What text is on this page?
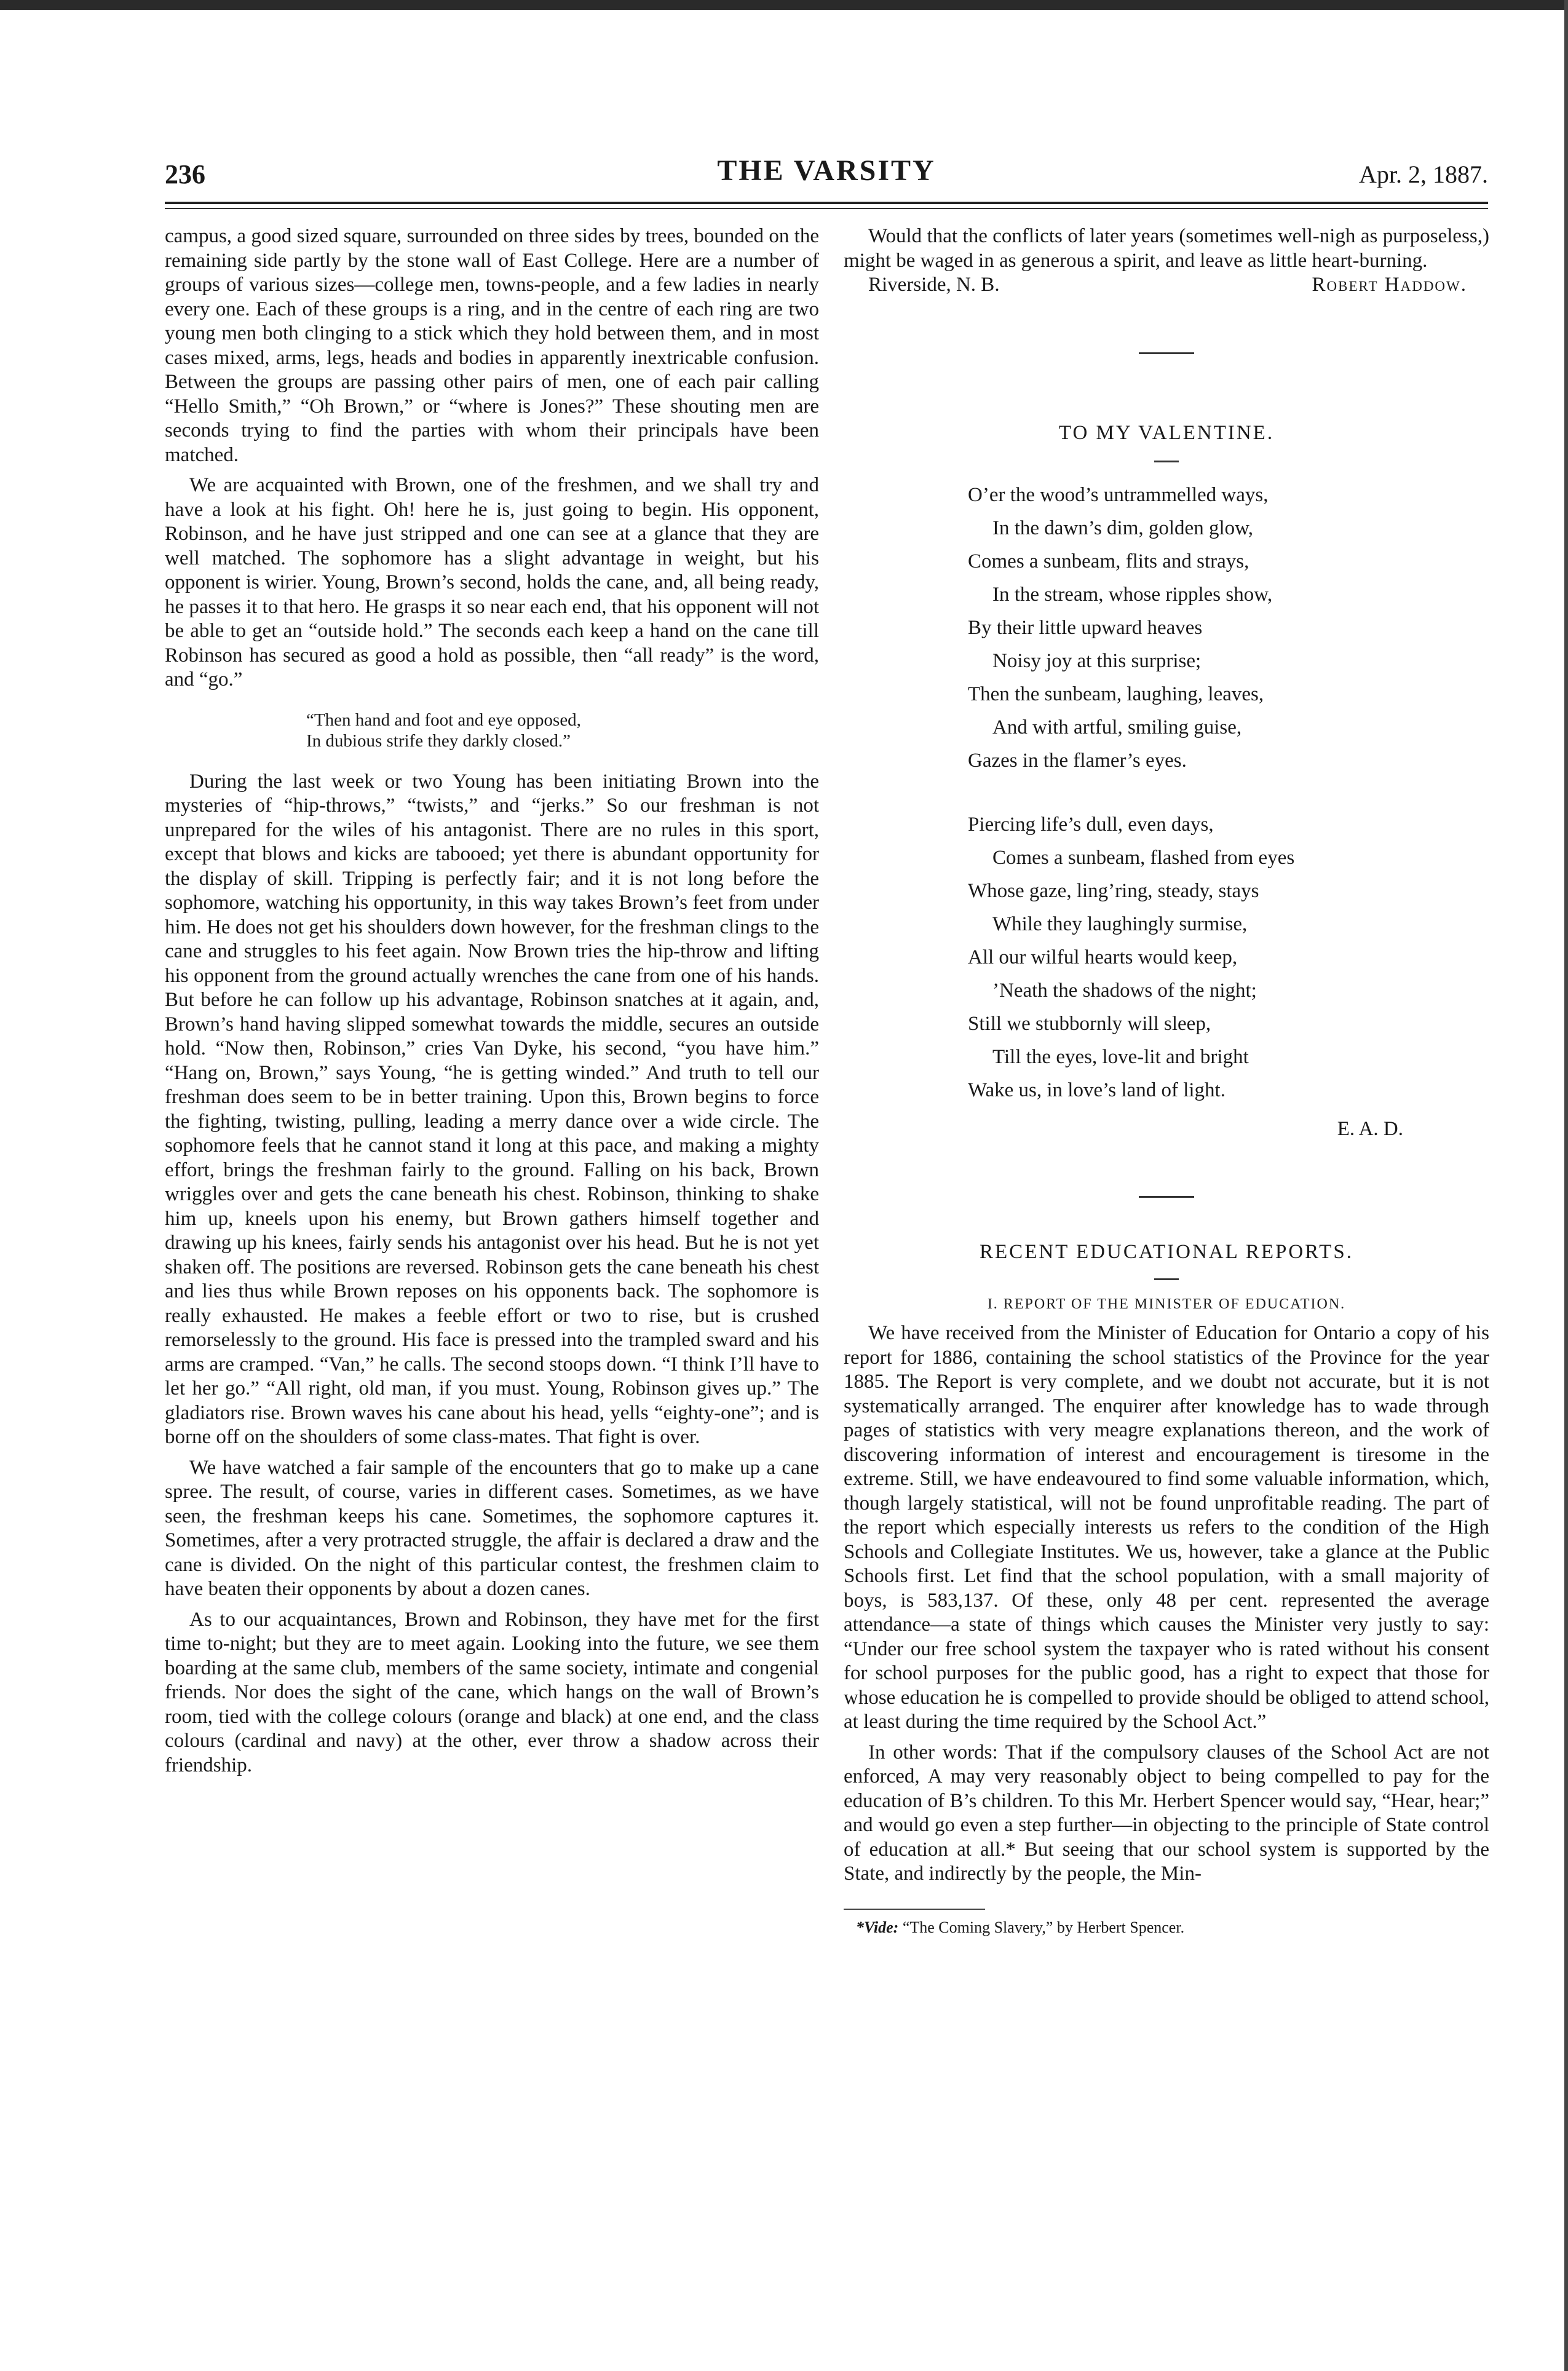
236	THE VARSITY	Apr. 2, 1887.

campus, a good sized square, surrounded on three sides by trees, bounded on the remaining side partly by the stone wall of East College. Here are a number of groups of various sizes—college men, towns-people, and a few ladies in nearly every one. Each of these groups is a ring, and in the centre of each ring are two young men both clinging to a stick which they hold between them, and in most cases mixed, arms, legs, heads and bodies in apparently inextricable confusion. Between the groups are passing other pairs of men, one of each pair calling “Hello Smith,” “Oh Brown,” or “where is Jones?” These shouting men are seconds trying to find the parties with whom their principals have been matched.

We are acquainted with Brown, one of the freshmen, and we shall try and have a look at his fight. Oh! here he is, just going to begin. His opponent, Robinson, and he have just stripped and one can see at a glance that they are well matched. The sophomore has a slight advantage in weight, but his opponent is wirier. Young, Brown’s second, holds the cane, and, all being ready, he passes it to that hero. He grasps it so near each end, that his opponent will not be able to get an “outside hold.” The seconds each keep a hand on the cane till Robinson has secured as good a hold as possible, then “all ready” is the word, and “go.”

“Then hand and foot and eye opposed,
In dubious strife they darkly closed.”

During the last week or two Young has been initiating Brown into the mysteries of “hip-throws,” “twists,” and “jerks.” So our freshman is not unprepared for the wiles of his antagonist. There are no rules in this sport, except that blows and kicks are tabooed; yet there is abundant opportunity for the display of skill. Tripping is perfectly fair; and it is not long before the sophomore, watching his opportunity, in this way takes Brown’s feet from under him. He does not get his shoulders down however, for the freshman clings to the cane and struggles to his feet again. Now Brown tries the hip-throw and lifting his opponent from the ground actually wrenches the cane from one of his hands. But before he can follow up his advantage, Robinson snatches at it again, and, Brown’s hand having slipped somewhat towards the middle, secures an outside hold. “Now then, Robinson,” cries Van Dyke, his second, “you have him.” “Hang on, Brown,” says Young, “he is getting winded.” And truth to tell our freshman does seem to be in better training. Upon this, Brown begins to force the fighting, twisting, pulling, leading a merry dance over a wide circle. The sophomore feels that he cannot stand it long at this pace, and making a mighty effort, brings the freshman fairly to the ground. Falling on his back, Brown wriggles over and gets the cane beneath his chest. Robinson, thinking to shake him up, kneels upon his enemy, but Brown gathers himself together and drawing up his knees, fairly sends his antagonist over his head. But he is not yet shaken off. The positions are reversed. Robinson gets the cane beneath his chest and lies thus while Brown reposes on his opponents back. The sophomore is really exhausted. He makes a feeble effort or two to rise, but is crushed remorselessly to the ground. His face is pressed into the trampled sward and his arms are cramped. “Van,” he calls. The second stoops down. “I think I’ll have to let her go.” “All right, old man, if you must. Young, Robinson gives up.” The gladiators rise. Brown waves his cane about his head, yells “eighty-one”; and is borne off on the shoulders of some class-mates. That fight is over.

We have watched a fair sample of the encounters that go to make up a cane spree. The result, of course, varies in different cases. Sometimes, as we have seen, the freshman keeps his cane. Sometimes, the sophomore captures it. Sometimes, after a very protracted struggle, the affair is declared a draw and the cane is divided. On the night of this particular contest, the freshmen claim to have beaten their opponents by about a dozen canes.

As to our acquaintances, Brown and Robinson, they have met for the first time to-night; but they are to meet again. Looking into the future, we see them boarding at the same club, members of the same society, intimate and congenial friends. Nor does the sight of the cane, which hangs on the wall of Brown’s room, tied with the college colours (orange and black) at one end, and the class colours (cardinal and navy) at the other, ever throw a shadow across their friendship.

Would that the conflicts of later years (sometimes well-nigh as purposeless,) might be waged in as generous a spirit, and leave as little heart-burning.

Riverside, N. B.	Robert Haddow.
TO MY VALENTINE.
O’er the wood’s untrammelled ways,
In the dawn’s dim, golden glow,
Comes a sunbeam, flits and strays,
In the stream, whose ripples show,
By their little upward heaves
Noisy joy at this surprise;
Then the sunbeam, laughing, leaves,
And with artful, smiling guise,
Gazes in the flamer’s eyes.
Piercing life’s dull, even days,
Comes a sunbeam, flashed from eyes
Whose gaze, ling’ring, steady, stays
While they laughingly surmise,
All our wilful hearts would keep,
’Neath the shadows of the night;
Still we stubbornly will sleep,
Till the eyes, love-lit and bright
Wake us, in love’s land of light.
E. A. D.
RECENT EDUCATIONAL REPORTS.
I. REPORT OF THE MINISTER OF EDUCATION.

We have received from the Minister of Education for Ontario a copy of his report for 1886, containing the school statistics of the Province for the year 1885. The Report is very complete, and we doubt not accurate, but it is not systematically arranged. The enquirer after knowledge has to wade through pages of statistics with very meagre explanations thereon, and the work of discovering information of interest and encouragement is tiresome in the extreme. Still, we have endeavoured to find some valuable information, which, though largely statistical, will not be found unprofitable reading. The part of the report which especially interests us refers to the condition of the High Schools and Collegiate Institutes. We us, however, take a glance at the Public Schools first. Let find that the school population, with a small majority of boys, is 583,137. Of these, only 48 per cent. represented the average attendance—a state of things which causes the Minister very justly to say: “Under our free school system the taxpayer who is rated without his consent for school purposes for the public good, has a right to expect that those for whose education he is compelled to provide should be obliged to attend school, at least during the time required by the School Act.”

In other words: That if the compulsory clauses of the School Act are not enforced, A may very reasonably object to being compelled to pay for the education of B’s children. To this Mr. Herbert Spencer would say, “Hear, hear;” and would go even a step further—in objecting to the principle of State control of education at all.* But seeing that our school system is supported by the State, and indirectly by the people, the Min-

*Vide: “The Coming Slavery,” by Herbert Spencer.
